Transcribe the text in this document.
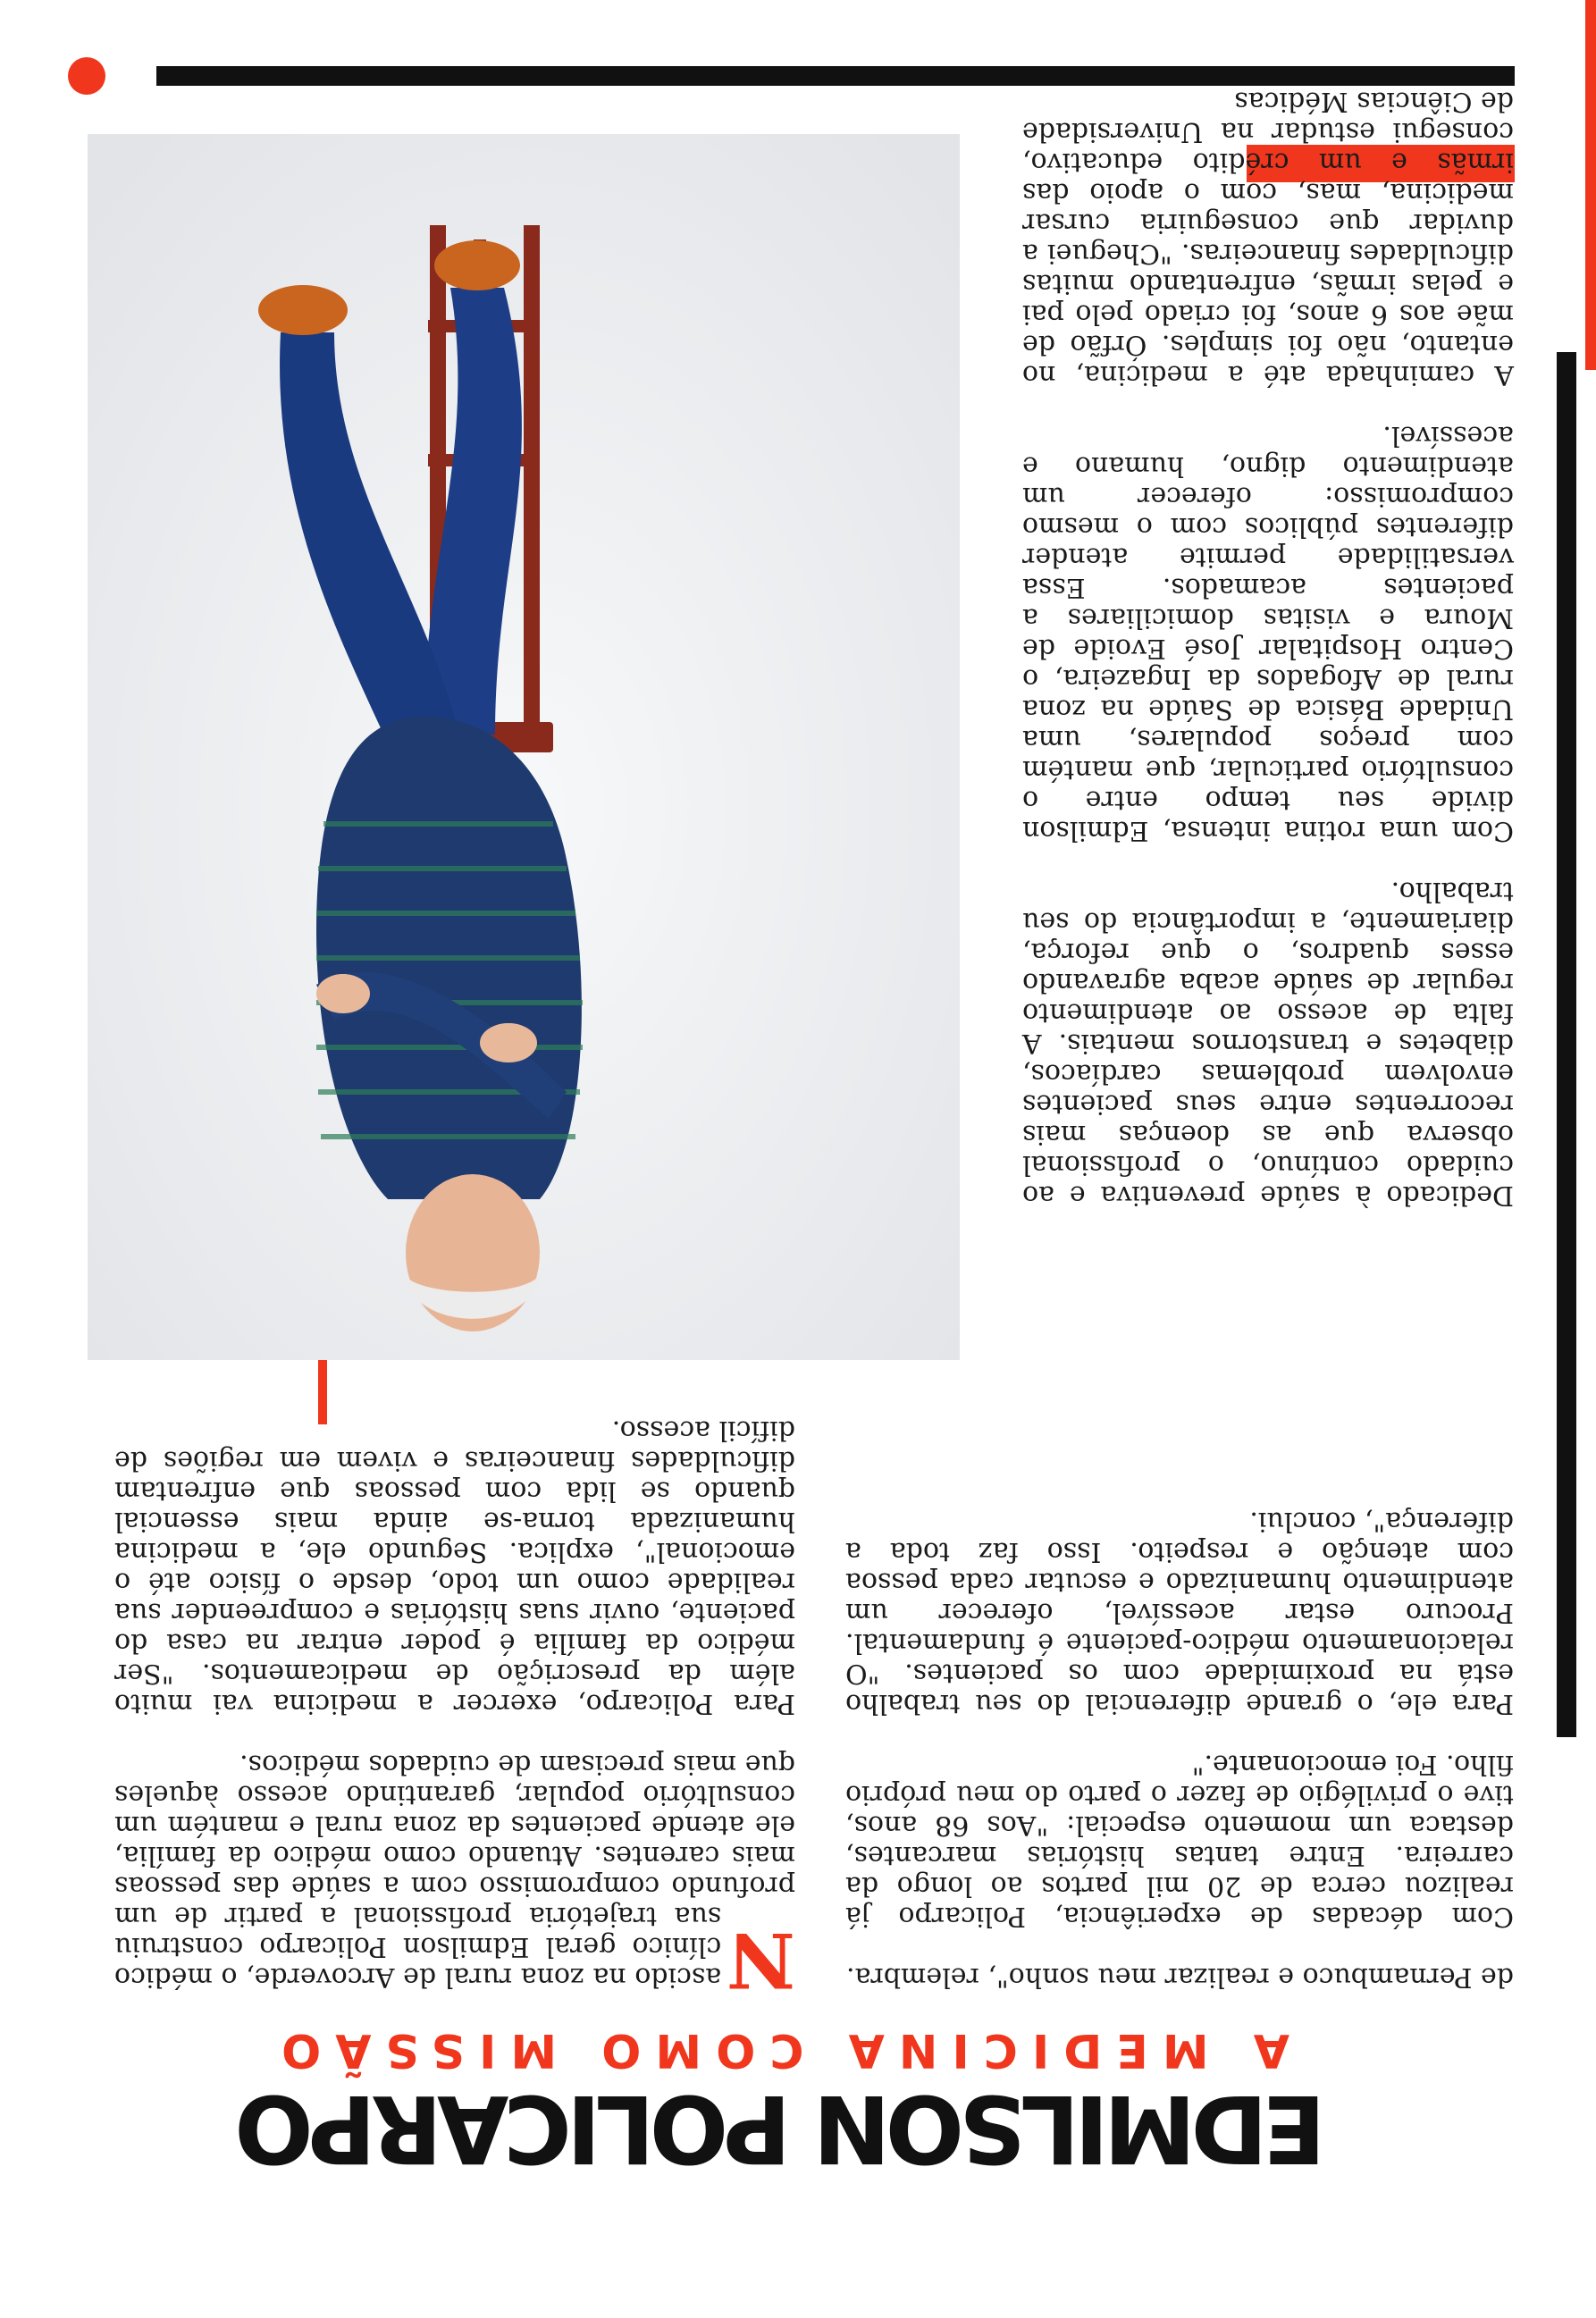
EDMILSON POLICARPO
A MEDICINA COMO MISSÃO

de Pernambuco e realizar meu sonho", relembra.

Com décadas de experiência, Policarpo já realizou cerca de 20 mil partos ao longo da carreira. Entre tantas histórias marcantes, destaca um momento especial: "Aos 68 anos, tive o privilégio de fazer o parto do meu próprio filho. Foi emocionante."

Para ele, o grande diferencial do seu trabalho está na proximidade com os pacientes. "O relacionamento médico-paciente é fundamental. Procuro estar acessível, oferecer um atendimento humanizado e escutar cada pessoa com atenção e respeito. Isso faz toda a diferença", conclui.

N
ascido na zona rural de Arcoverde, o médico clínico geral Edmilson Policarpo construiu sua trajetória profissional a partir de um profundo compromisso com a saúde das pessoas mais carentes. Atuando como médico da família, ele atende pacientes da zona rural e mantém um consultório popular, garantindo acesso àqueles que mais precisam de cuidados médicos.

Para Policarpo, exercer a medicina vai muito além da prescrição de medicamentos. "Ser médico da família é poder entrar na casa do paciente, ouvir suas histórias e compreender sua realidade como um todo, desde o físico até o emocional", explica. Segundo ele, a medicina humanizada torna-se ainda mais essencial quando se lida com pessoas que enfrentam dificuldades financeiras e vivem em regiões de difícil acesso.

Dedicado à saúde preventiva e ao cuidado contínuo, o profissional observa que as doenças mais recorrentes entre seus pacientes envolvem problemas cardíacos, diabetes e transtornos mentais. A falta de acesso ao atendimento regular de saúde acaba agravando esses quadros, o que reforça, diariamente, a importância do seu trabalho.

Com uma rotina intensa, Edmilson divide seu tempo entre o consultório particular, que mantém com preços populares, uma Unidade Básica de Saúde na zona rural de Afogados da Ingazeira, o Centro Hospitalar José Evoide de Moura e visitas domiciliares a pacientes acamados. Essa versatilidade permite atender diferentes públicos com o mesmo compromisso: oferecer um atendimento digno, humano e acessível.

A caminhada até a medicina, no entanto, não foi simples. Órfão de mãe aos 6 anos, foi criado pelo pai e pelas irmãs, enfrentando muitas dificuldades financeiras. "Cheguei a duvidar que conseguiria cursar medicina, mas, com o apoio das irmãs e um crédito educativo, consegui estudar na Universidade de Ciências Médicas
